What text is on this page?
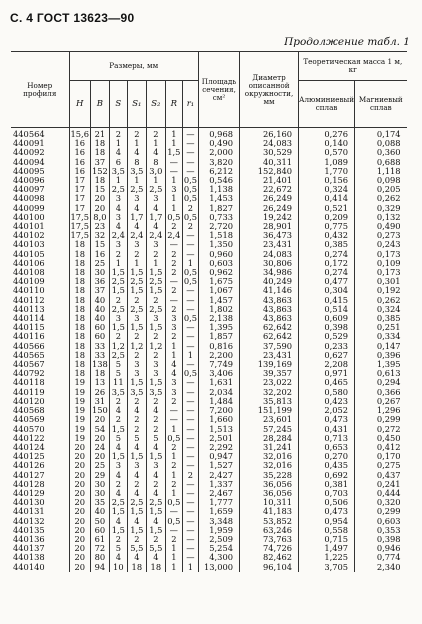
С. 4 ГОСТ 13623—90
Продолжение табл. 1
Номер профиля	Размеры, мм							Площадь сечения, см²	Диаметр описанной окружности, мм	Теоретическая масса 1 м, кг	
	H	B	S	S₁	S₂	R	r₁			Алюминиевый сплав	Магниевый сплав
440564	15,6	21	2	2	2	1	—	0,968	26,160	0,276	0,174
440091	16	18	1	1	1	1	—	0,490	24,083	0,140	0,088
440092	16	18	4	4	4	1,5	—	2,000	30,529	0,570	0,360
440094	16	37	6	8	8	—	—	3,820	40,311	1,089	0,688
440095	16	152	3,5	3,5	3,0	—	—	6,212	152,840	1,770	1,118
440096	17	18	1	1	1	1	0,5	0,546	21,401	0,156	0,098
440097	17	15	2,5	2,5	2,5	3	0,5	1,138	22,672	0,324	0,205
440098	17	20	3	3	3	1	0,5	1,453	26,249	0,414	0,262
440099	17	20	4	4	4	1	2	1,827	26,249	0,521	0,329
440100	17,5	8,0	3	1,7	1,7	0,5	0,5	0,733	19,242	0,209	0,132
440101	17,5	23	4	4	4	2	2	2,720	28,901	0,775	0,490
440102	17,5	32	2,4	2,4	2,4	2,4	—	1,518	36,473	0,432	0,273
440103	18	15	3	3	3	—	—	1,350	23,431	0,385	0,243
440105	18	16	2	2	2	2	—	0,960	24,083	0,274	0,173
440106	18	25	1	1	1	2	1	0,603	30,806	0,172	0,109
440108	18	30	1,5	1,5	1,5	2	0,5	0,962	34,986	0,274	0,173
440109	18	36	2,5	2,5	2,5	—	0,5	1,675	40,249	0,477	0,301
440110	18	37	1,5	1,5	1,5	2	—	1,067	41,146	0,304	0,192
440112	18	40	2	2	2	—	—	1,457	43,863	0,415	0,262
440113	18	40	2,5	2,5	2,5	2	—	1,802	43,863	0,514	0,324
440114	18	40	3	3	3	3	0,5	2,138	43,863	0,609	0,385
440115	18	60	1,5	1,5	1,5	3	—	1,395	62,642	0,398	0,251
440116	18	60	2	2	2	2	—	1,857	62,642	0,529	0,334
440566	18	33	1,2	1,2	1,2	1	—	0,816	37,590	0,233	0,147
440565	18	33	2,5	2	2	1	1	2,200	23,431	0,627	0,396
440567	18	138	5	3	3	4	—	7,749	139,169	2,208	1,395
440792	18	18	5	3	3	4	0,5	3,406	39,357	0,971	0,613
440118	19	13	11	1,5	1,5	3	—	1,631	23,022	0,465	0,294
440119	19	26	3,5	3,5	3,5	3	—	2,034	32,202	0,580	0,366
440120	19	31	2	2	2	2	—	1,484	35,813	0,423	0,267
440568	19	150	4	4	4	—	—	7,200	151,199	2,052	1,296
440569	19	20	2	2	2	—	—	1,660	23,601	0,473	0,299
440570	19	54	1,5	2	2	1	—	1,513	57,245	0,431	0,272
440122	19	20	5	5	5	0,5	—	2,501	28,284	0,713	0,450
440124	20	24	4	4	4	2	—	2,292	31,241	0,653	0,412
440125	20	20	1,5	1,5	1,5	1	—	0,947	32,016	0,270	0,170
440126	20	25	3	3	3	2	—	1,527	32,016	0,435	0,275
440127	20	29	4	4	4	1	2	2,427	35,228	0,692	0,437
440128	20	30	2	2	2	2	—	1,337	36,056	0,381	0,241
440129	20	30	4	4	4	1	—	2,467	36,056	0,703	0,444
440130	20	35	2,5	2,5	2,5	0,5	—	1,777	10,311	0,506	0,320
440131	20	40	1,5	1,5	1,5	—	—	1,659	41,183	0,473	0,299
440132	20	50	4	4	4	0,5	—	3,348	53,852	0,954	0,603
440135	20	60	1,5	1,5	1,5	—	—	1,959	63,246	0,558	0,353
440136	20	61	2	2	2	2	—	2,509	73,763	0,715	0,398
440137	20	72	5	5,5	5,5	1	—	5,254	74,726	1,497	0,946
440138	20	80	4	4	4	1	—	4,300	82,462	1,225	0,774
440140	20	94	10	18	18	1	1	13,000	96,104	3,705	2,340
